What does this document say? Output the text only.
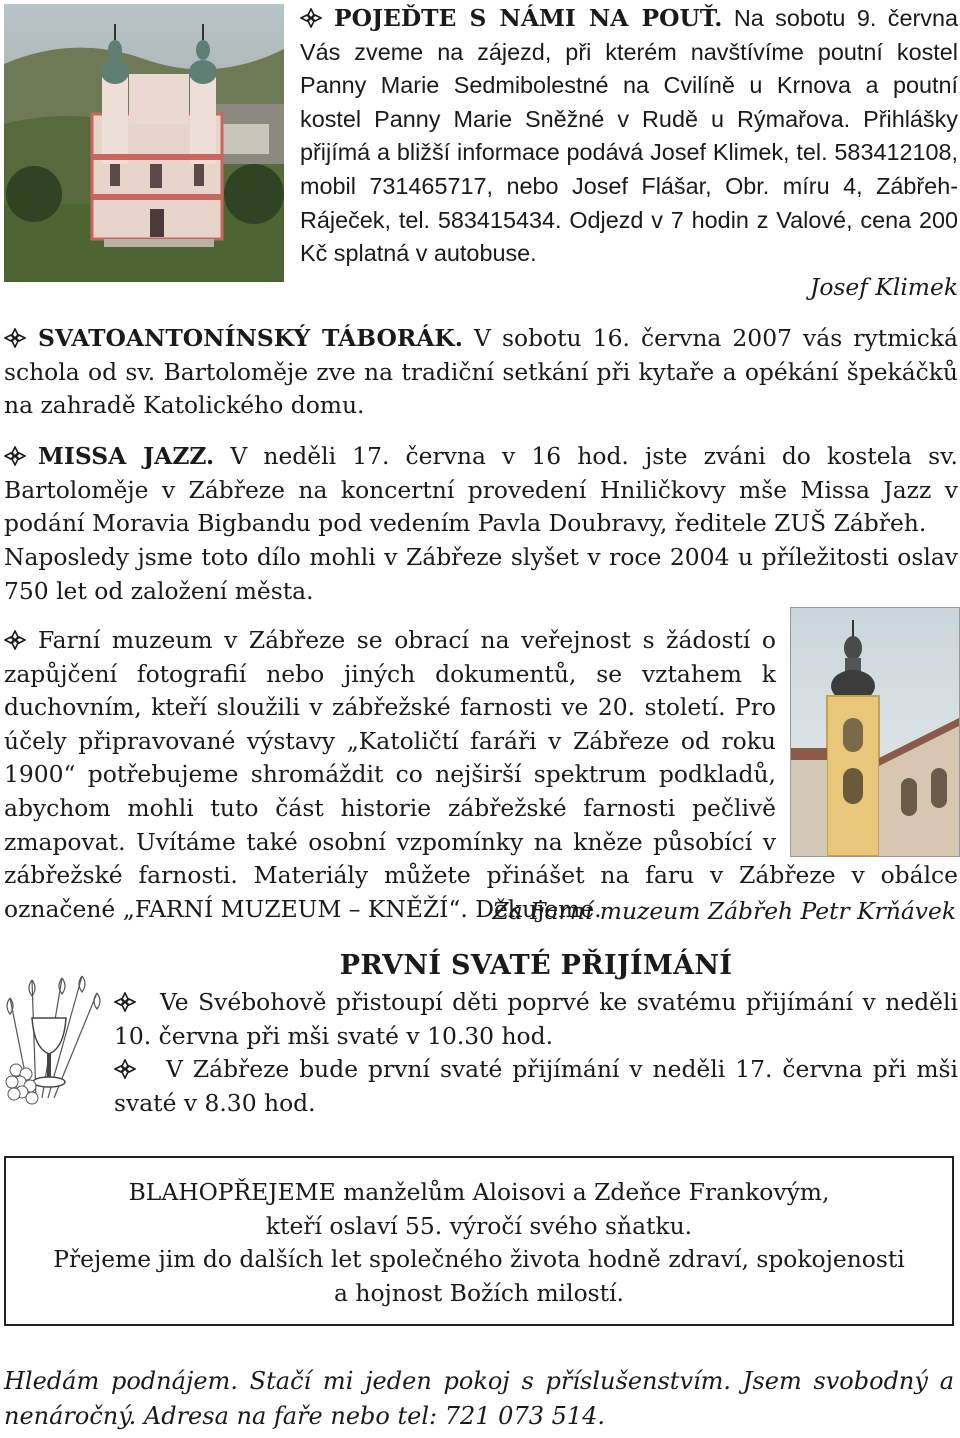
POJEĎTE S NÁMI NA POUŤ. Na sobotu 9. června Vás zveme na zájezd, při kterém navštívíme poutní kostel Panny Marie Sedmibolestné na Cvilíně u Krnova a poutní kostel Panny Marie Sněžné v Rudě u Rýmařova. Přihlášky přijímá a bližší informace podává Josef Klimek, tel. 583412108, mobil 731465717, nebo Josef Flášar, Obr. míru 4, Zábřeh-Ráječek, tel. 583415434. Odjezd v 7 hodin z Valové, cena 200 Kč splatná v autobuse.

Josef Klimek

SVATOANTONÍNSKÝ TÁBORÁK. V sobotu 16. června 2007 vás rytmická schola od sv. Bartoloměje zve na tradiční setkání při kytaře a opékání špekáčků na zahradě Katolického domu.

MISSA JAZZ. V neděli 17. června v 16 hod. jste zváni do kostela sv. Bartoloměje v Zábřeze na koncertní provedení Hniličkovy mše Missa Jazz v podání Moravia Bigbandu pod vedením Pavla Doubravy, ředitele ZUŠ Zábřeh.

Naposledy jsme toto dílo mohli v Zábřeze slyšet v roce 2004 u příležitosti oslav 750 let od založení města.

Farní muzeum v Zábřeze se obrací na veřejnost s žádostí o zapůjčení fotografií nebo jiných dokumentů, se vztahem k duchovním, kteří sloužili v zábřežské farnosti ve 20. století. Pro účely připravované výstavy „Katoličtí faráři v Zábřeze od roku 1900“ potřebujeme shromáždit co nejširší spektrum podkladů, abychom mohli tuto část historie zábřežské farnosti pečlivě zmapovat. Uvítáme také osobní vzpomínky na kněze působící v zábřežské farnosti. Materiály můžete přinášet na faru v Zábřeze v obálce označené „FARNÍ MUZEUM – KNĚŽÍ“. Děkujeme.

Za Farní muzeum Zábřeh Petr Krňávek
PRVNÍ SVATÉ PŘIJÍMÁNÍ

Ve Svébohově přistoupí děti poprvé ke svatému přijímání v neděli 10. června při mši svaté v 10.30 hod.

V Zábřeze bude první svaté přijímání v neděli 17. června při mši svaté v 8.30 hod.

BLAHOPŘEJEME manželům Aloisovi a Zdeňce Frankovým,
kteří oslaví 55. výročí svého sňatku.
Přejeme jim do dalších let společného života hodně zdraví, spokojenosti
a hojnost Božích milostí.

Hledám podnájem. Stačí mi jeden pokoj s příslušenstvím. Jsem svobodný a nenáročný. Adresa na faře nebo tel: 721 073 514.
